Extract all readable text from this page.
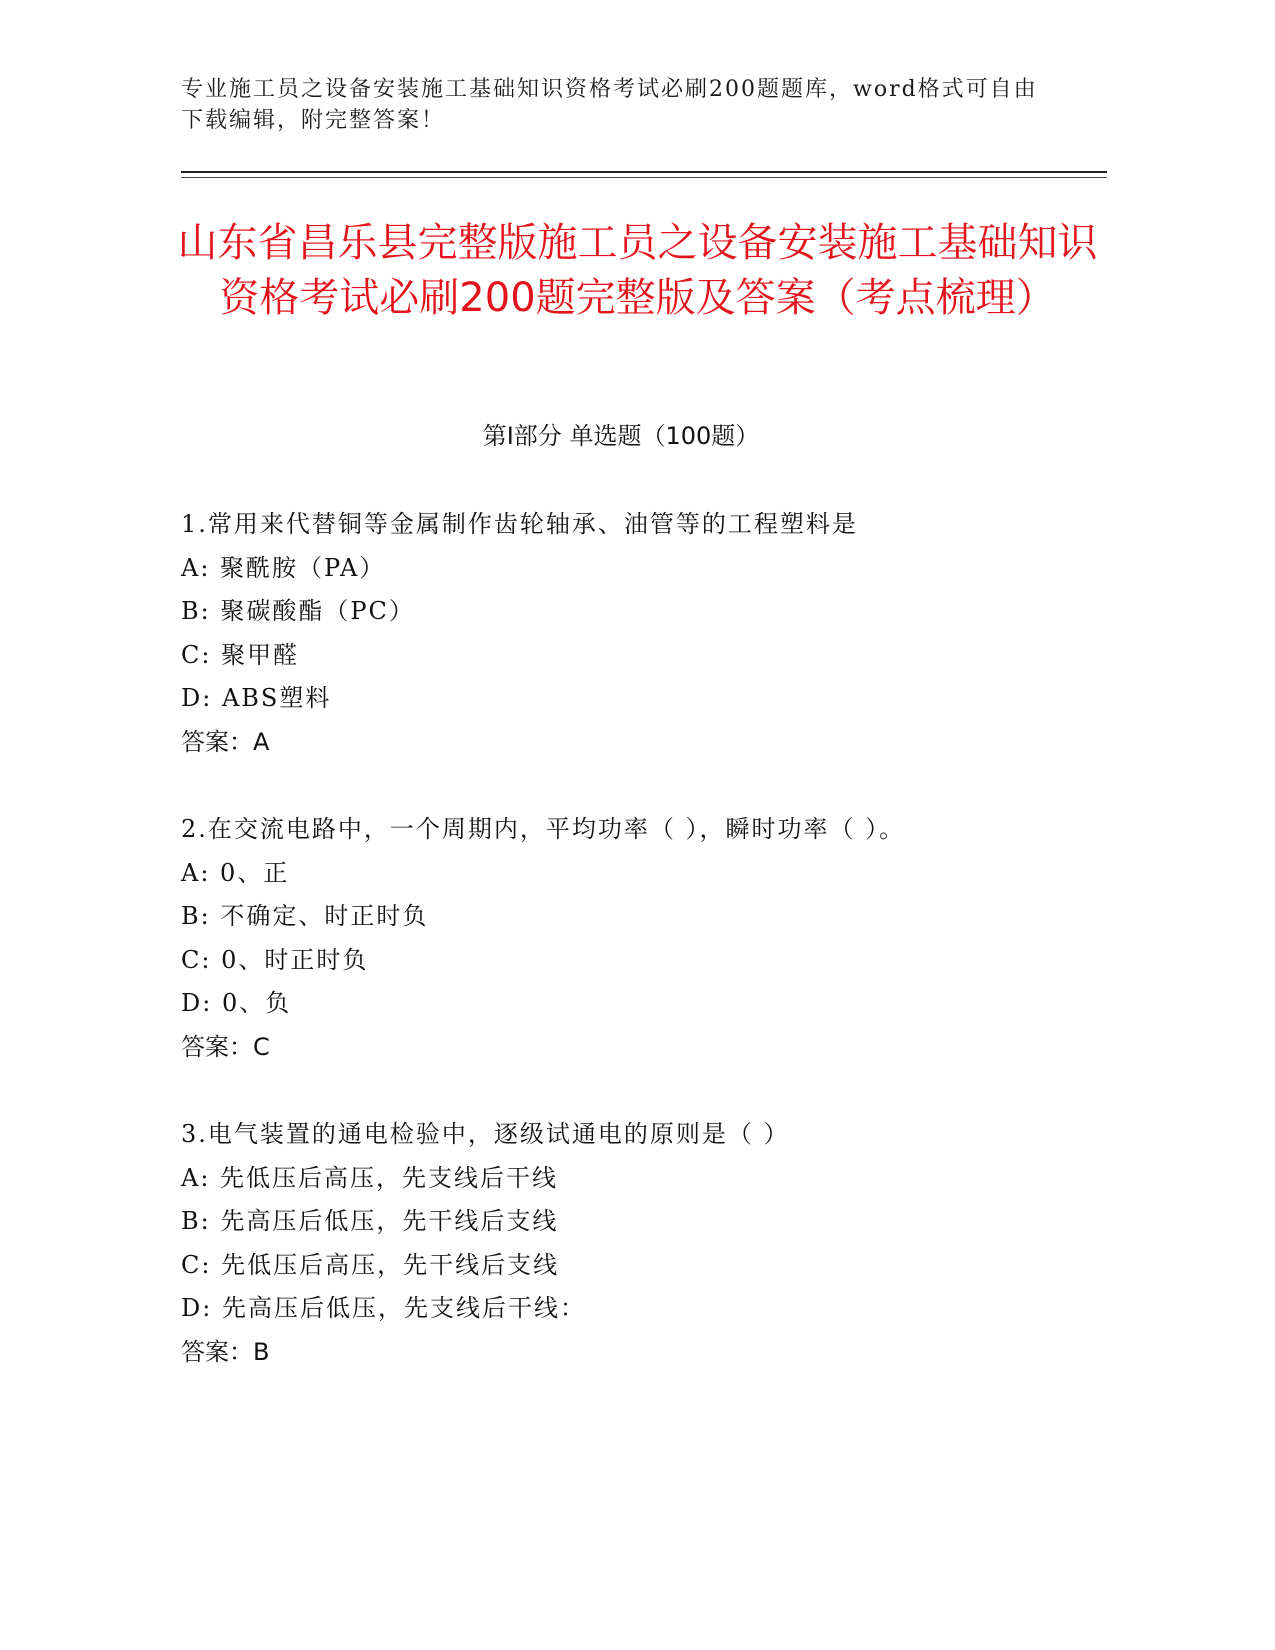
专业施工员之设备安装施工基础知识资格考试必刷200题题库，word格式可自由下载编辑，附完整答案！
山东省昌乐县完整版施工员之设备安装施工基础知识资格考试必刷200题完整版及答案（考点梳理）
第Ⅰ部分 单选题（100题）
1.常用来代替铜等金属制作齿轮轴承、油管等的工程塑料是
A: 聚酰胺（PA）
B: 聚碳酸酯（PC）
C: 聚甲醛
D: ABS塑料
答案：A
2.在交流电路中，一个周期内，平均功率（ ），瞬时功率（ ）。
A: 0、正
B: 不确定、时正时负
C: 0、时正时负
D: 0、负
答案：C
3.电气装置的通电检验中，逐级试通电的原则是（ ）
A: 先低压后高压，先支线后干线
B: 先高压后低压，先干线后支线
C: 先低压后高压，先干线后支线
D: 先高压后低压，先支线后干线：
答案：B
